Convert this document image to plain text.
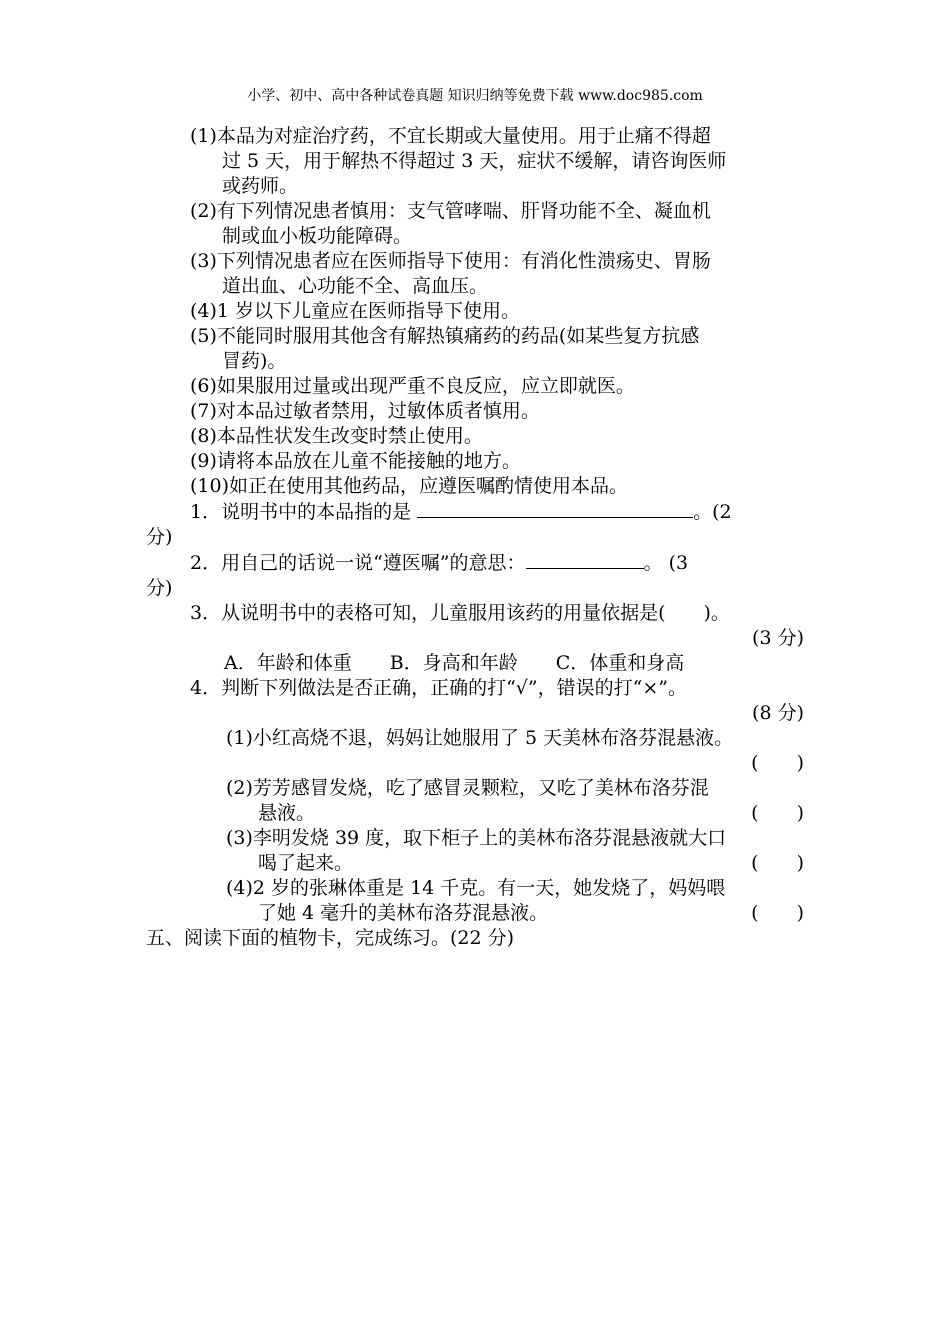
小学、初中、高中各种试卷真题 知识归纳等免费下载 www.doc985.com
(1)本品为对症治疗药，不宜长期或大量使用。用于止痛不得超
过 5 天，用于解热不得超过 3 天，症状不缓解，请咨询医师
或药师。
(2)有下列情况患者慎用：支气管哮喘、肝肾功能不全、凝血机
制或血小板功能障碍。
(3)下列情况患者应在医师指导下使用：有消化性溃疡史、胃肠
道出血、心功能不全、高血压。
(4)1 岁以下儿童应在医师指导下使用。
(5)不能同时服用其他含有解热镇痛药的药品(如某些复方抗感
冒药)。
(6)如果服用过量或出现严重不良反应，应立即就医。
(7)对本品过敏者禁用，过敏体质者慎用。
(8)本品性状发生改变时禁止使用。
(9)请将本品放在儿童不能接触的地方。
(10)如正在使用其他药品，应遵医嘱酌情使用本品。
1．说明书中的本品指的是	。(2
分)
2．用自己的话说一说“遵医嘱”的意思：	。 (3
分)
3．从说明书中的表格可知，儿童服用该药的用量依据是(　　)。
(3 分)
A．年龄和体重 B．身高和年龄 C．体重和身高
4．判断下列做法是否正确，正确的打“√”，错误的打“×”。
(8 分)
(1)小红高烧不退，妈妈让她服用了 5 天美林布洛芬混悬液。
(　　)
(2)芳芳感冒发烧，吃了感冒灵颗粒，又吃了美林布洛芬混
悬液。	(　　)
(3)李明发烧 39 度，取下柜子上的美林布洛芬混悬液就大口
喝了起来。	(　　)
(4)2 岁的张琳体重是 14 千克。有一天，她发烧了，妈妈喂
了她 4 毫升的美林布洛芬混悬液。	(　　)
五、阅读下面的植物卡，完成练习。(22 分)
